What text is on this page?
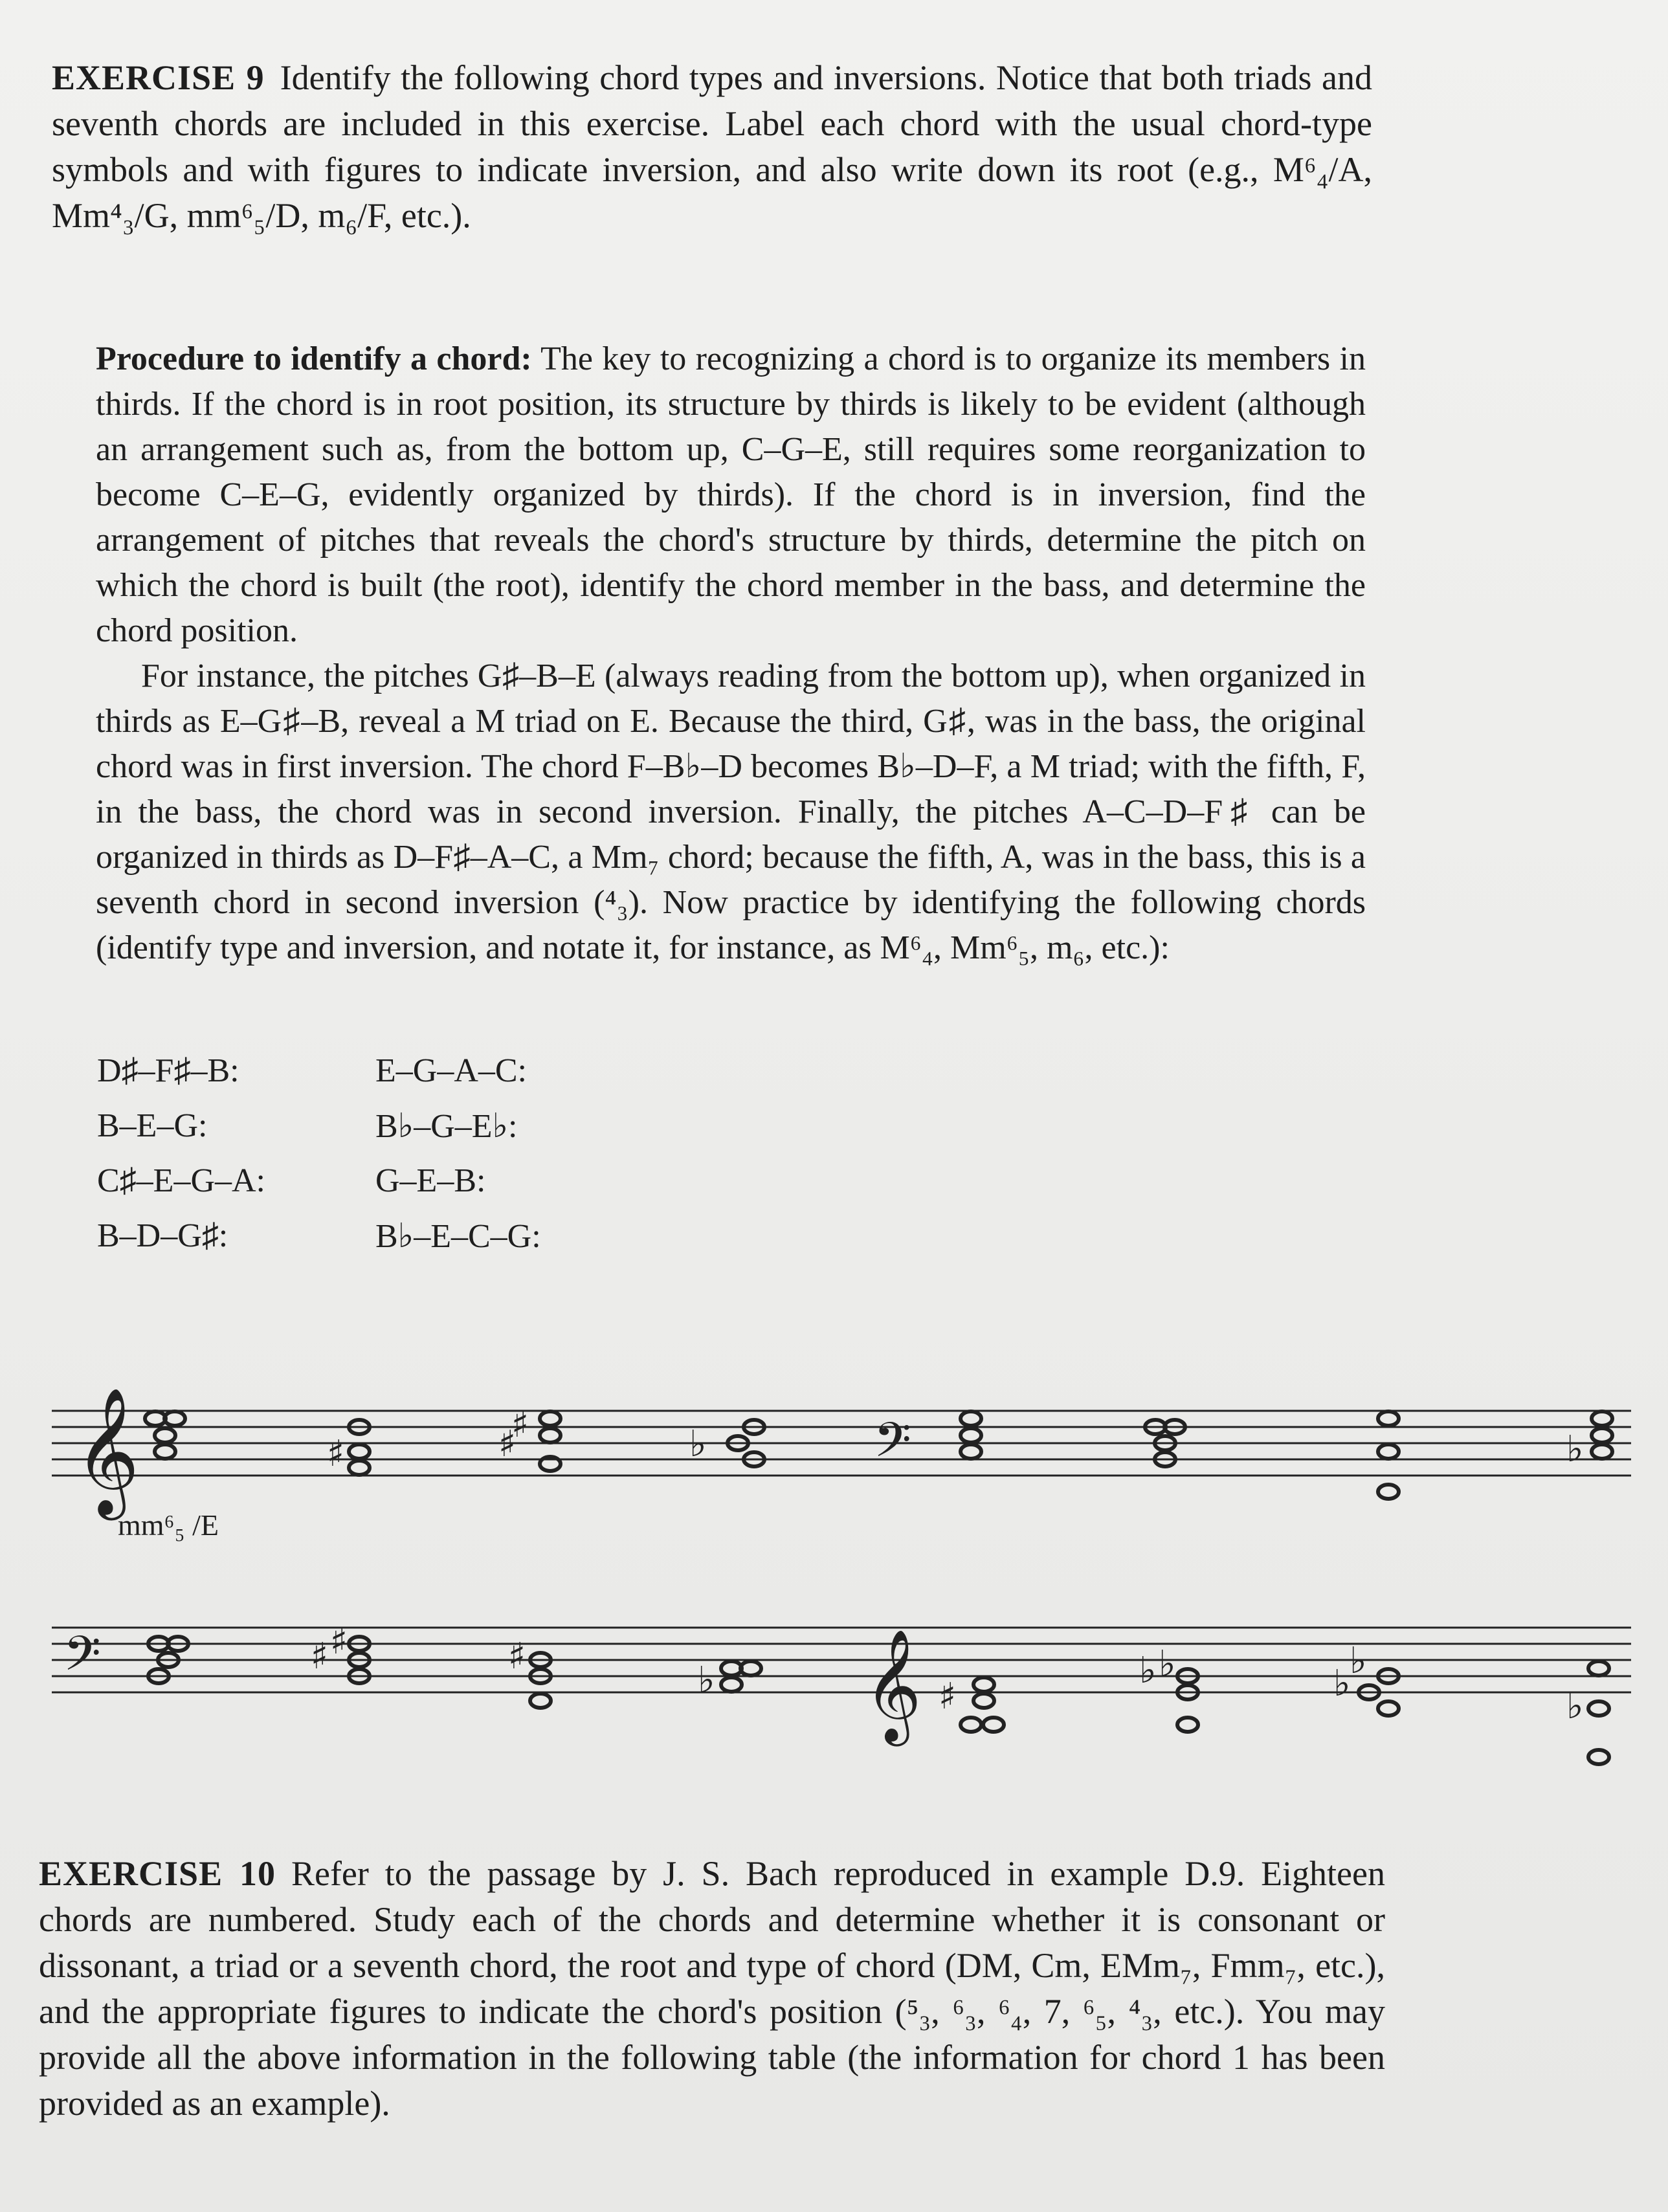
EXERCISE 9 Identify the following chord types and inversions. Notice that both triads and seventh chords are included in this exercise. Label each chord with the usual chord-type symbols and with figures to indicate inversion, and also write down its root (e.g., M⁶₄/A, Mm⁴₃/G, mm⁶₅/D, m₆/F, etc.).

Procedure to identify a chord: The key to recognizing a chord is to organize its members in thirds. If the chord is in root position, its structure by thirds is likely to be evident (although an arrangement such as, from the bottom up, C–G–E, still requires some reorganization to become C–E–G, evidently organized by thirds). If the chord is in inversion, find the arrangement of pitches that reveals the chord's structure by thirds, determine the pitch on which the chord is built (the root), identify the chord member in the bass, and determine the chord position.

For instance, the pitches G♯–B–E (always reading from the bottom up), when organized in thirds as E–G♯–B, reveal a M triad on E. Because the third, G♯, was in the bass, the original chord was in first inversion. The chord F–B♭–D becomes B♭–D–F, a M triad; with the fifth, F, in the bass, the chord was in second inversion. Finally, the pitches A–C–D–F♯ can be organized in thirds as D–F♯–A–C, a Mm₇ chord; because the fifth, A, was in the bass, this is a seventh chord in second inversion (⁴₃). Now practice by identifying the following chords (identify type and inversion, and notate it, for instance, as M⁶₄, Mm⁶₅, m₆, etc.):

D♯–F♯–B:	E–G–A–C:
B–E–G:	B♭–G–E♭:
C♯–E–G–A:	G–E–B:
B–D–G♯:	B♭–E–C–G:
𝄞	𝄢
♯
♯
♯	♭	♭
𝄢	𝄞
♯ ♯	♯
♭	♯
♭ ♭	♭
♭
♭
mm⁶₅ /E

EXERCISE 10 Refer to the passage by J. S. Bach reproduced in example D.9. Eighteen chords are numbered. Study each of the chords and determine whether it is consonant or dissonant, a triad or a seventh chord, the root and type of chord (DM, Cm, EMm₇, Fmm₇, etc.), and the appropriate figures to indicate the chord's position (⁵₃, ⁶₃, ⁶₄, 7, ⁶₅, ⁴₃, etc.). You may provide all the above information in the following table (the information for chord 1 has been provided as an example).
